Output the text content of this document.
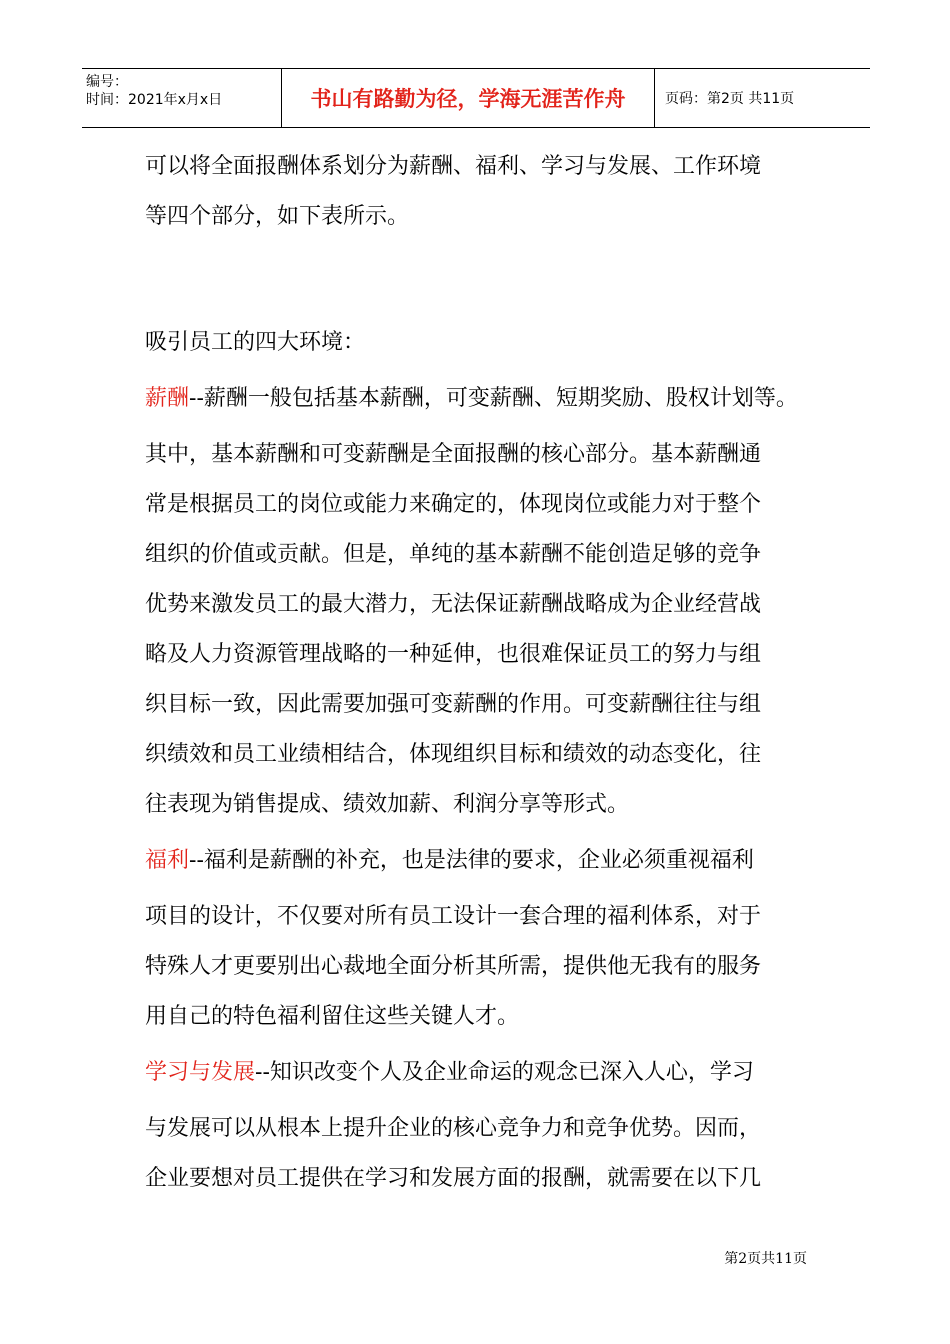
编号：
时间：2021年x月x日	书山有路勤为径，学海无涯苦作舟	页码：第2页 共11页
可以将全面报酬体系划分为薪酬、福利、学习与发展、工作环境
等四个部分，如下表所示。
吸引员工的四大环境：
薪酬--薪酬一般包括基本薪酬，可变薪酬、短期奖励、股权计划等。
其中，基本薪酬和可变薪酬是全面报酬的核心部分。基本薪酬通
常是根据员工的岗位或能力来确定的，体现岗位或能力对于整个
组织的价值或贡献。但是，单纯的基本薪酬不能创造足够的竞争
优势来激发员工的最大潜力，无法保证薪酬战略成为企业经营战
略及人力资源管理战略的一种延伸，也很难保证员工的努力与组
织目标一致，因此需要加强可变薪酬的作用。可变薪酬往往与组
织绩效和员工业绩相结合，体现组织目标和绩效的动态变化，往
往表现为销售提成、绩效加薪、利润分享等形式。
福利--福利是薪酬的补充，也是法律的要求，企业必须重视福利
项目的设计，不仅要对所有员工设计一套合理的福利体系，对于
特殊人才更要别出心裁地全面分析其所需，提供他无我有的服务
用自己的特色福利留住这些关键人才。
学习与发展--知识改变个人及企业命运的观念已深入人心，学习
与发展可以从根本上提升企业的核心竞争力和竞争优势。因而，
企业要想对员工提供在学习和发展方面的报酬，就需要在以下几
第2页共11页
